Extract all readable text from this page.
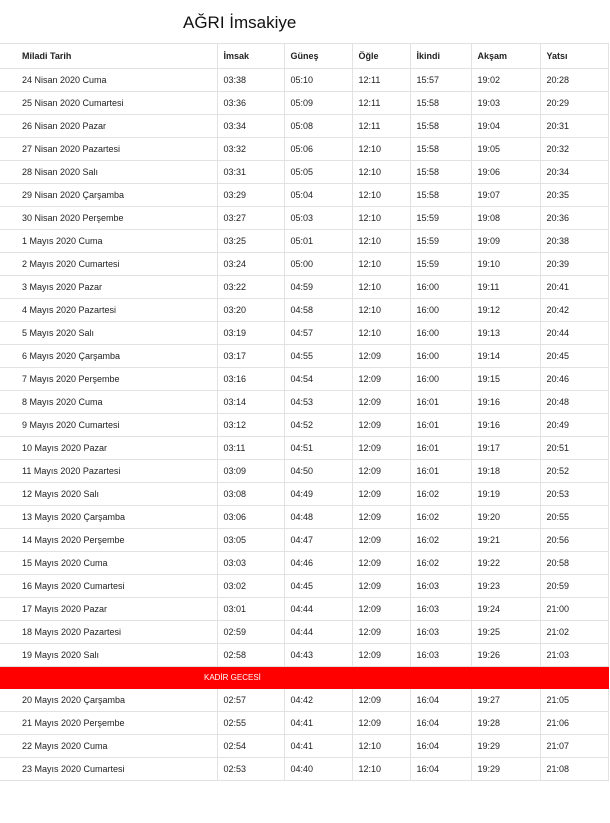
AĞRI İmsakiye
Miladi Tarih	İmsak	Güneş	Öğle	İkindi	Akşam	Yatsı
24 Nisan 2020 Cuma	03:38	05:10	12:11	15:57	19:02	20:28
25 Nisan 2020 Cumartesi	03:36	05:09	12:11	15:58	19:03	20:29
26 Nisan 2020 Pazar	03:34	05:08	12:11	15:58	19:04	20:31
27 Nisan 2020 Pazartesi	03:32	05:06	12:10	15:58	19:05	20:32
28 Nisan 2020 Salı	03:31	05:05	12:10	15:58	19:06	20:34
29 Nisan 2020 Çarşamba	03:29	05:04	12:10	15:58	19:07	20:35
30 Nisan 2020 Perşembe	03:27	05:03	12:10	15:59	19:08	20:36
1 Mayıs 2020 Cuma	03:25	05:01	12:10	15:59	19:09	20:38
2 Mayıs 2020 Cumartesi	03:24	05:00	12:10	15:59	19:10	20:39
3 Mayıs 2020 Pazar	03:22	04:59	12:10	16:00	19:11	20:41
4 Mayıs 2020 Pazartesi	03:20	04:58	12:10	16:00	19:12	20:42
5 Mayıs 2020 Salı	03:19	04:57	12:10	16:00	19:13	20:44
6 Mayıs 2020 Çarşamba	03:17	04:55	12:09	16:00	19:14	20:45
7 Mayıs 2020 Perşembe	03:16	04:54	12:09	16:00	19:15	20:46
8 Mayıs 2020 Cuma	03:14	04:53	12:09	16:01	19:16	20:48
9 Mayıs 2020 Cumartesi	03:12	04:52	12:09	16:01	19:16	20:49
10 Mayıs 2020 Pazar	03:11	04:51	12:09	16:01	19:17	20:51
11 Mayıs 2020 Pazartesi	03:09	04:50	12:09	16:01	19:18	20:52
12 Mayıs 2020 Salı	03:08	04:49	12:09	16:02	19:19	20:53
13 Mayıs 2020 Çarşamba	03:06	04:48	12:09	16:02	19:20	20:55
14 Mayıs 2020 Perşembe	03:05	04:47	12:09	16:02	19:21	20:56
15 Mayıs 2020 Cuma	03:03	04:46	12:09	16:02	19:22	20:58
16 Mayıs 2020 Cumartesi	03:02	04:45	12:09	16:03	19:23	20:59
17 Mayıs 2020 Pazar	03:01	04:44	12:09	16:03	19:24	21:00
18 Mayıs 2020 Pazartesi	02:59	04:44	12:09	16:03	19:25	21:02
19 Mayıs 2020 Salı	02:58	04:43	12:09	16:03	19:26	21:03
KADİR GECESİ						
20 Mayıs 2020 Çarşamba	02:57	04:42	12:09	16:04	19:27	21:05
21 Mayıs 2020 Perşembe	02:55	04:41	12:09	16:04	19:28	21:06
22 Mayıs 2020 Cuma	02:54	04:41	12:10	16:04	19:29	21:07
23 Mayıs 2020 Cumartesi	02:53	04:40	12:10	16:04	19:29	21:08
